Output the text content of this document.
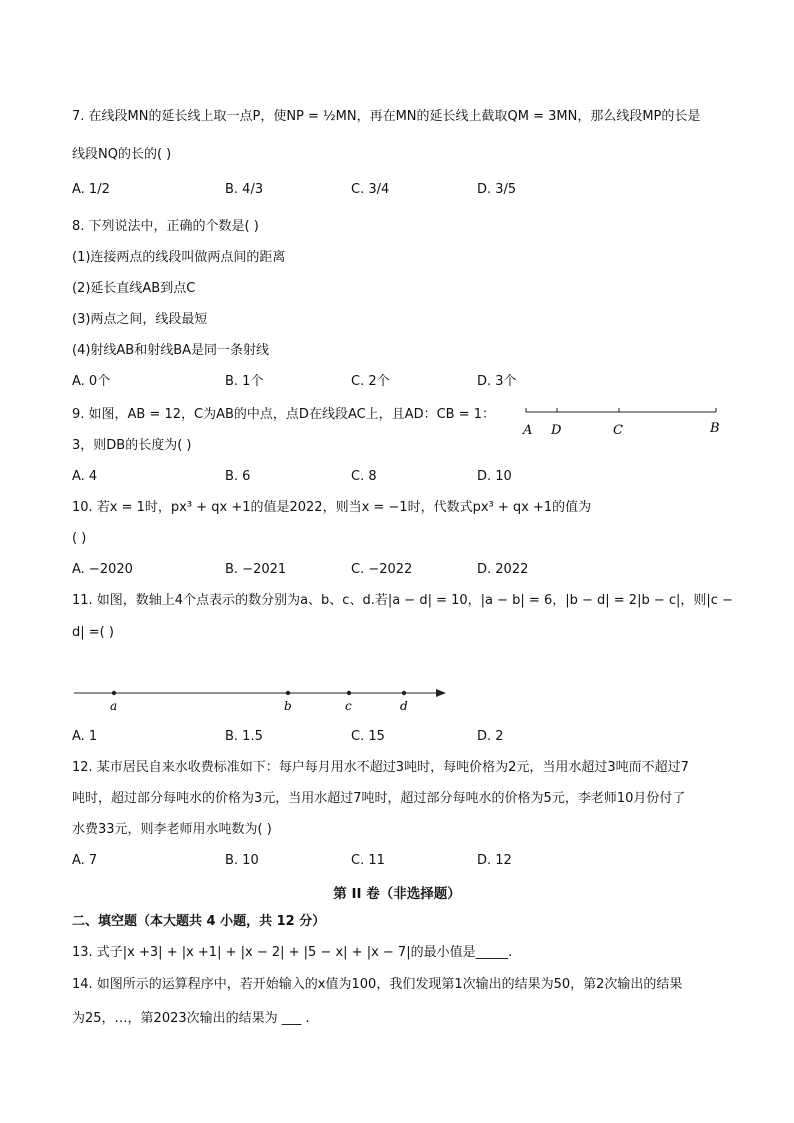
7. 在线段MN的延长线上取一点P，使NP = ½MN，再在MN的延长线上截取QM = 3MN，那么线段MP的长是
线段NQ的长的( )
A. 1/2	B. 4/3	C. 3/4	D. 3/5
8. 下列说法中，正确的个数是( )
(1)连接两点的线段叫做两点间的距离
(2)延长直线AB到点C
(3)两点之间，线段最短
(4)射线AB和射线BA是同一条射线
A. 0个	B. 1个	C. 2个	D. 3个
9. 如图，AB = 12，C为AB的中点，点D在线段AC上，且AD：CB = 1：
3，则DB的长度为( )
A D	C	B
A. 4	B. 6	C. 8	D. 10
10. 若x = 1时，px³ + qx +1的值是2022，则当x = −1时，代数式px³ + qx +1的值为
( )
A. −2020	B. −2021	C. −2022	D. 2022
11. 如图，数轴上4个点表示的数分别为a、b、c、d.若|a − d| = 10，|a − b| = 6，|b − d| = 2|b − c|，则|c −
d| =( )
a	b	c	d
A. 1	B. 1.5	C. 15	D. 2
12. 某市居民自来水收费标准如下：每户每月用水不超过3吨时，每吨价格为2元，当用水超过3吨而不超过7
吨时，超过部分每吨水的价格为3元，当用水超过7吨时，超过部分每吨水的价格为5元，李老师10月份付了
水费33元，则李老师用水吨数为( )
A. 7	B. 10	C. 11	D. 12
第 II 卷（非选择题）
二、填空题（本大题共 4 小题，共 12 分）
13. 式子|x +3| + |x +1| + |x − 2| + |5 − x| + |x − 7|的最小值是_____.
14. 如图所示的运算程序中，若开始输入的x值为100，我们发现第1次输出的结果为50，第2次输出的结果
为25，…，第2023次输出的结果为 ___ .
